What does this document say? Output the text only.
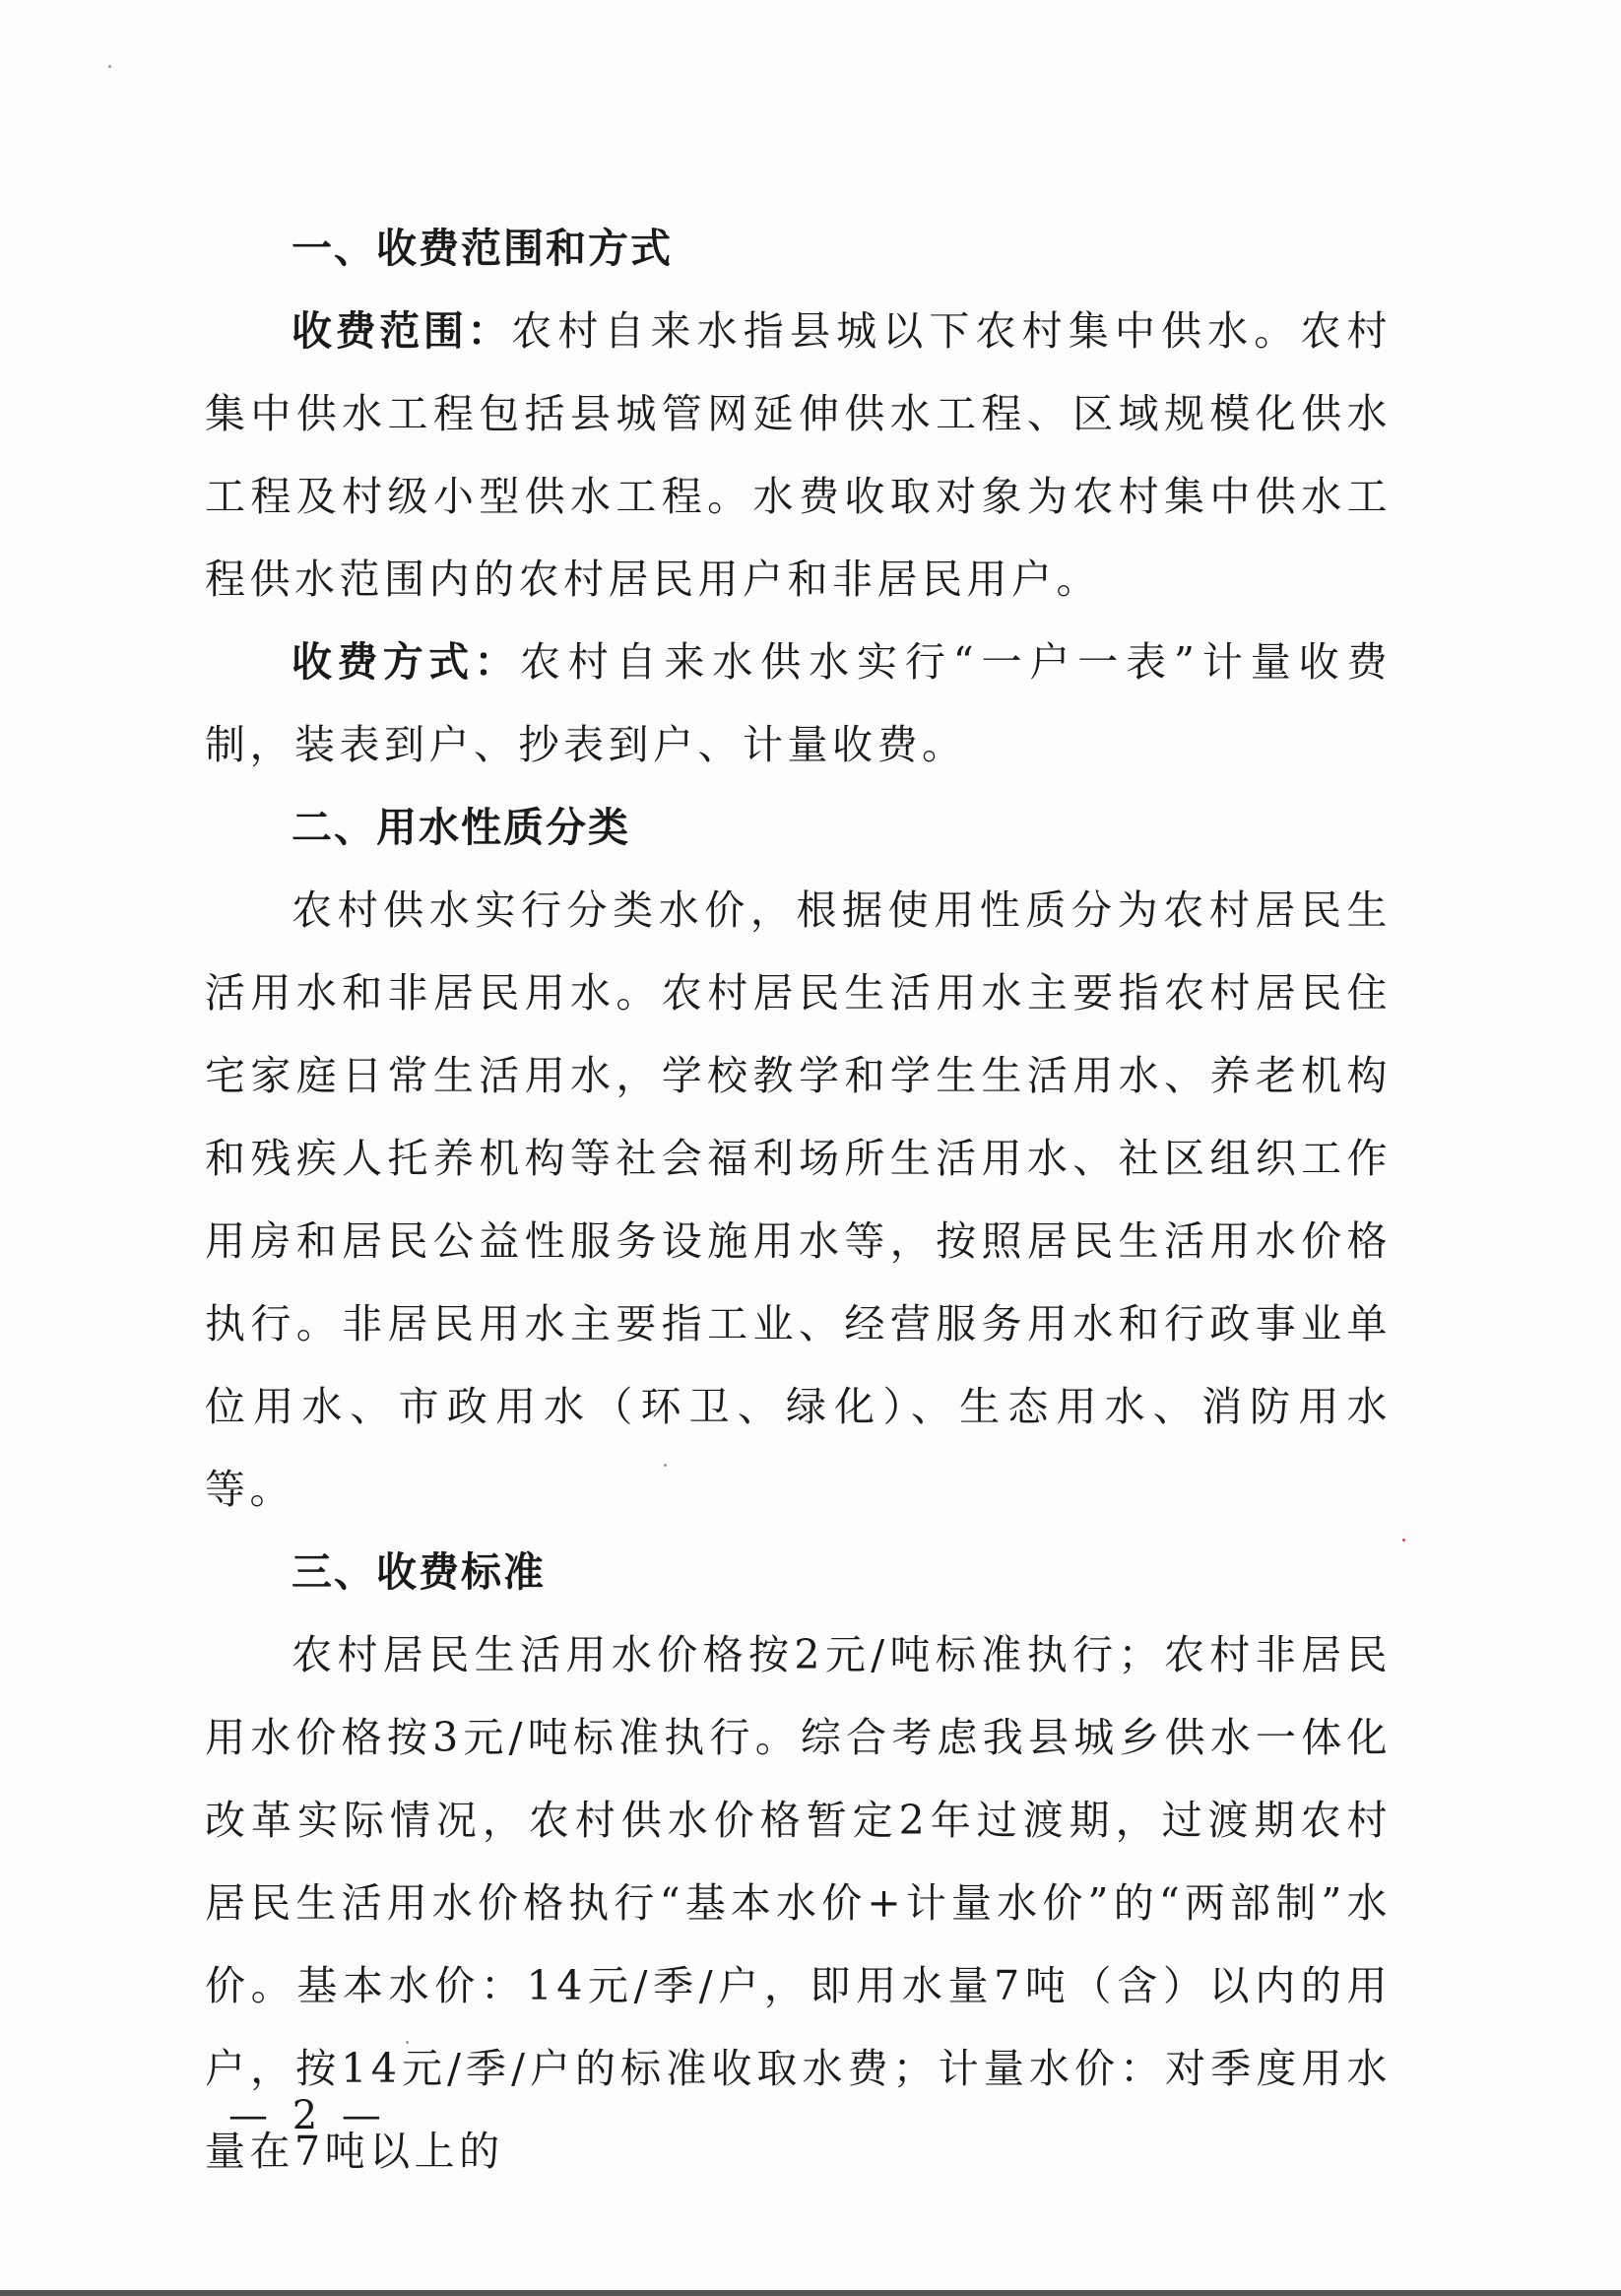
一、收费范围和方式

收费范围：农村自来水指县城以下农村集中供水。农村集中供水工程包括县城管网延伸供水工程、区域规模化供水工程及村级小型供水工程。水费收取对象为农村集中供水工程供水范围内的农村居民用户和非居民用户。

收费方式：农村自来水供水实行“一户一表”计量收费制，装表到户、抄表到户、计量收费。

二、用水性质分类

农村供水实行分类水价，根据使用性质分为农村居民生活用水和非居民用水。农村居民生活用水主要指农村居民住宅家庭日常生活用水，学校教学和学生生活用水、养老机构和残疾人托养机构等社会福利场所生活用水、社区组织工作用房和居民公益性服务设施用水等，按照居民生活用水价格执行。非居民用水主要指工业、经营服务用水和行政事业单位用水、市政用水（环卫、绿化）、生态用水、消防用水等。

三、收费标准

农村居民生活用水价格按2元/吨标准执行；农村非居民用水价格按3元/吨标准执行。综合考虑我县城乡供水一体化改革实际情况，农村供水价格暂定2年过渡期，过渡期农村居民生活用水价格执行“基本水价+计量水价”的“两部制”水价。基本水价：14元/季/户，即用水量7吨（含）以内的用户，按14元/季/户的标准收取水费；计量水价：对季度用水量在7吨以上的

— 2 —
